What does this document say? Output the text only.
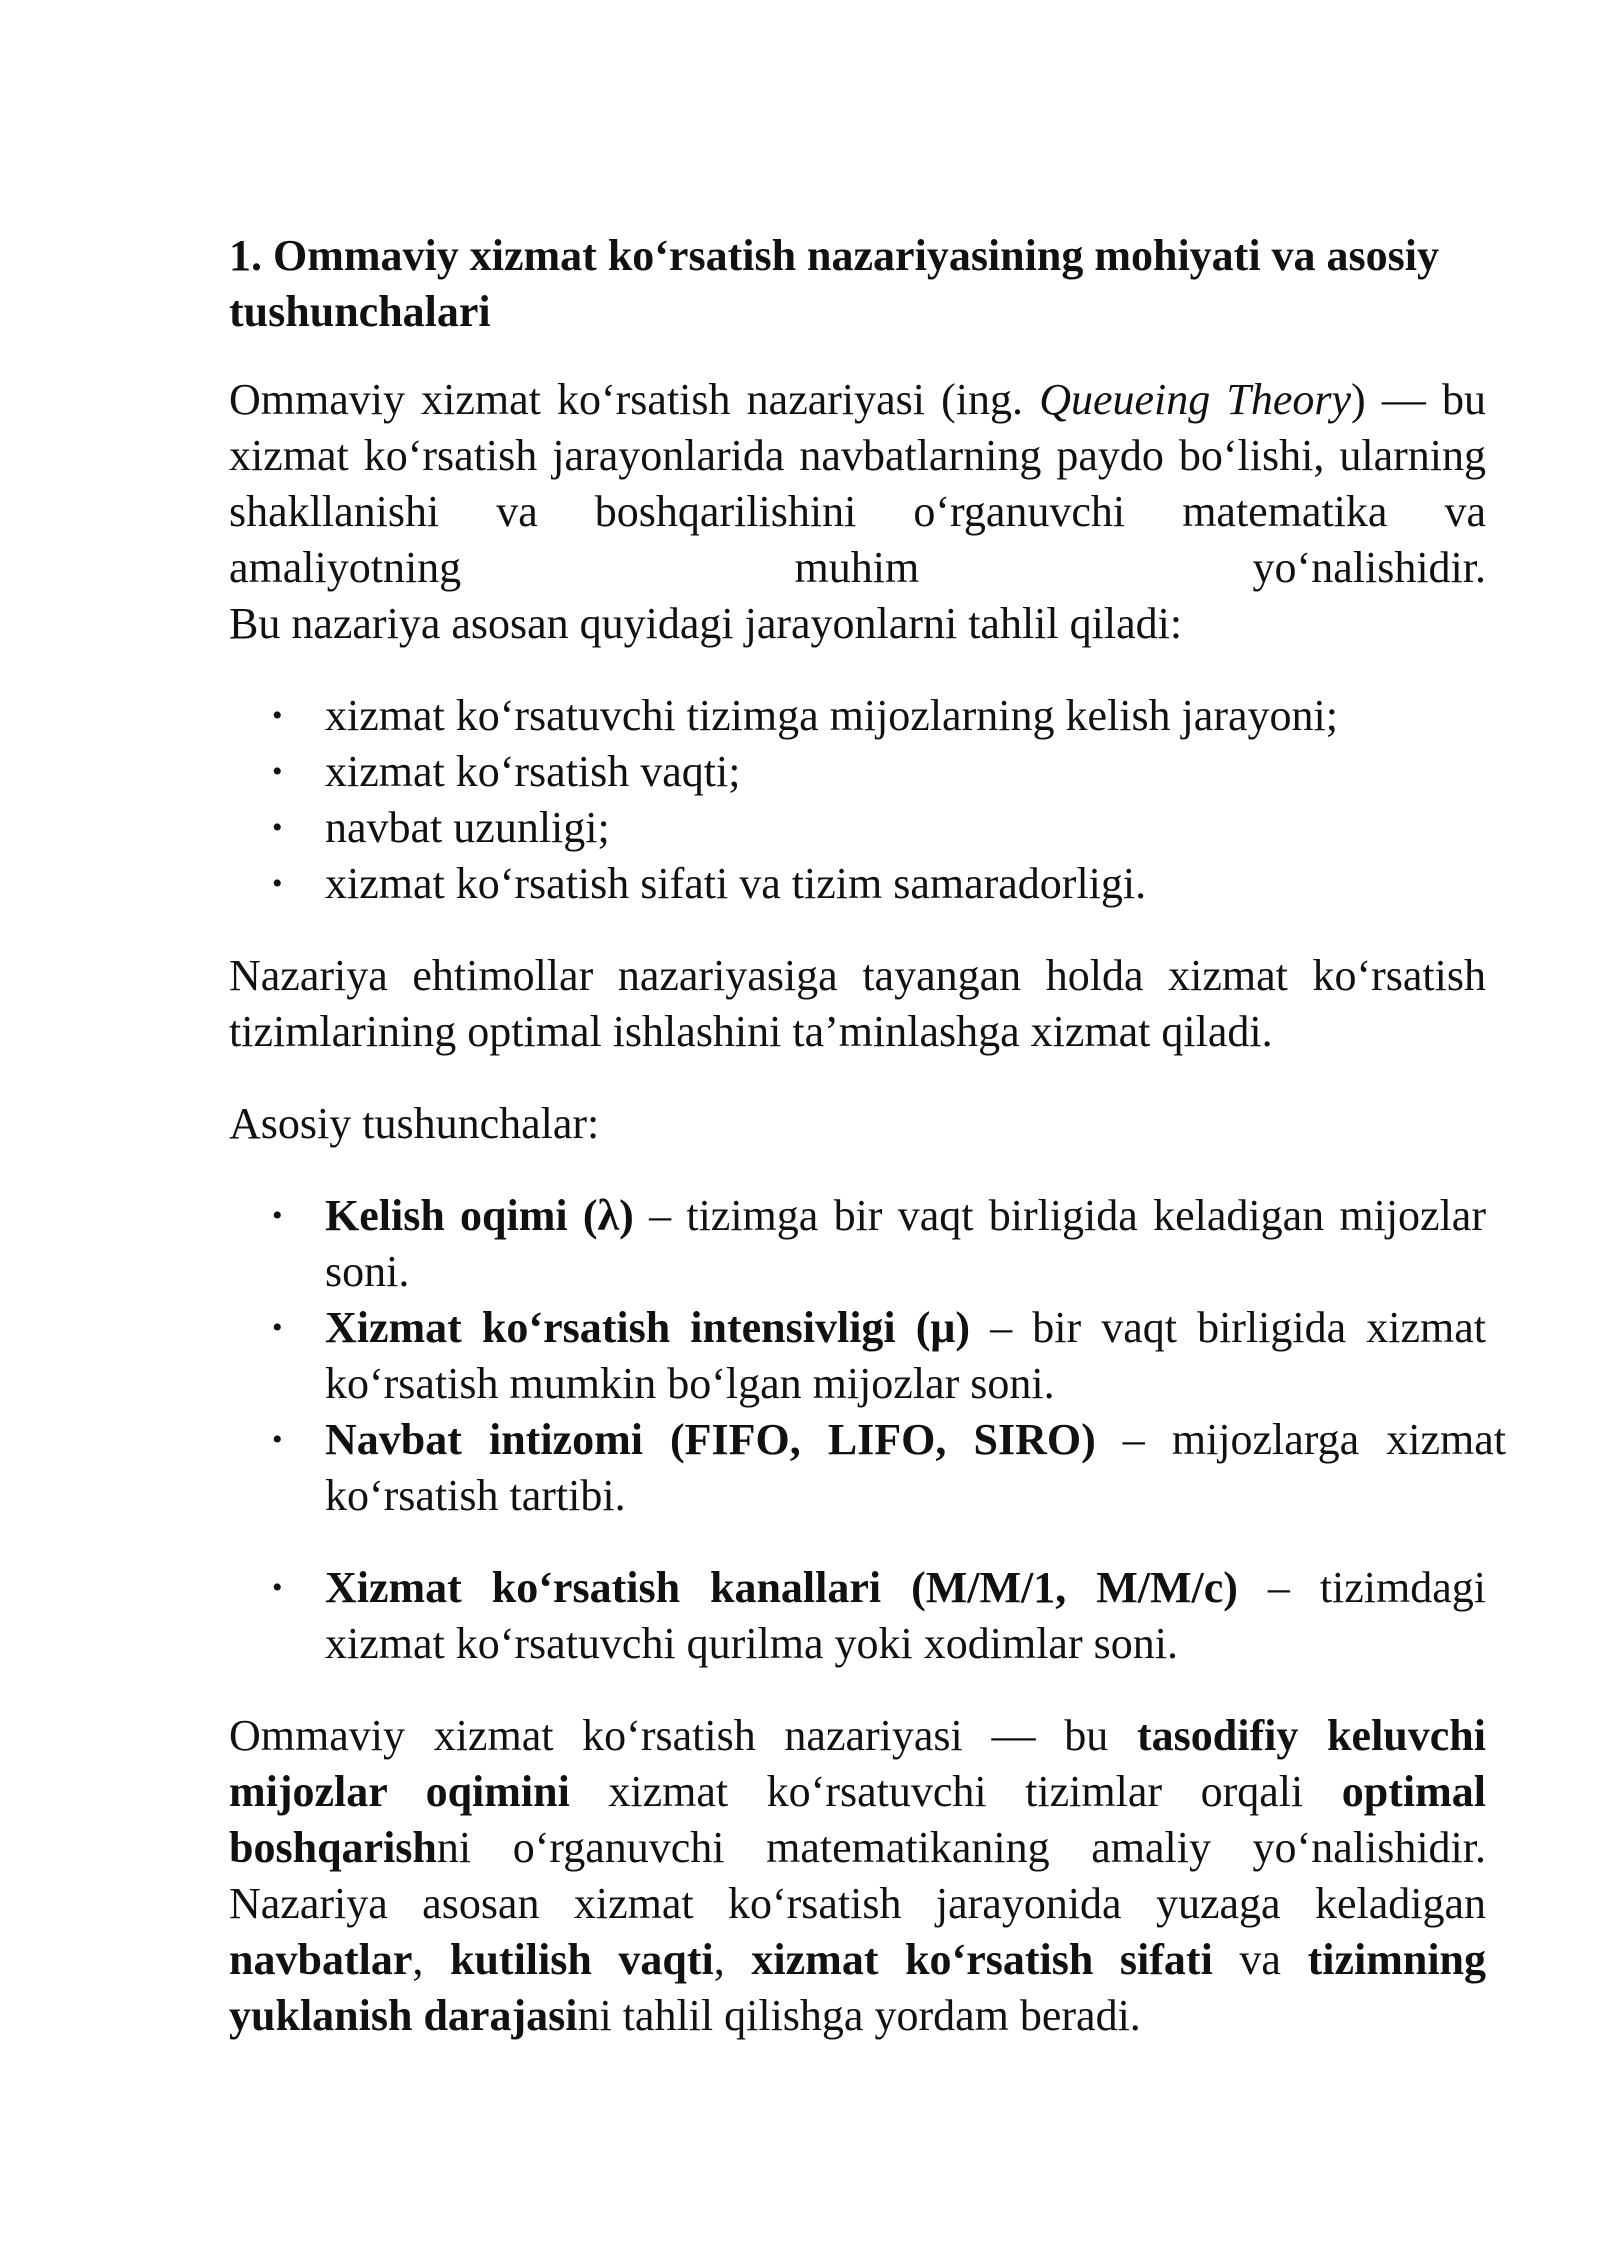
1. Ommaviy xizmat ko‘rsatish nazariyasining mohiyati va asosiy tushunchalari

Ommaviy xizmat ko‘rsatish nazariyasi (ing. Queueing Theory) — bu xizmat ko‘rsatish jarayonlarida navbatlarning paydo bo‘lishi, ularning shakllanishi va boshqarilishini o‘rganuvchi matematika va amaliyotning muhim yo‘nalishidir.
Bu nazariya asosan quyidagi jarayonlarni tahlil qiladi:

• xizmat ko‘rsatuvchi tizimga mijozlarning kelish jarayoni;
• xizmat ko‘rsatish vaqti;
• navbat uzunligi;
• xizmat ko‘rsatish sifati va tizim samaradorligi.

Nazariya ehtimollar nazariyasiga tayangan holda xizmat ko‘rsatish tizimlarining optimal ishlashini ta’minlashga xizmat qiladi.

Asosiy tushunchalar:

• Kelish oqimi (λ) – tizimga bir vaqt birligida keladigan mijozlar soni.
• Xizmat ko‘rsatish intensivligi (μ) – bir vaqt birligida xizmat ko‘rsatish mumkin bo‘lgan mijozlar soni.
• Navbat intizomi (FIFO, LIFO, SIRO) – mijozlarga xizmat ko‘rsatish tartibi.
• Xizmat ko‘rsatish kanallari (M/M/1, M/M/c) – tizimdagi xizmat ko‘rsatuvchi qurilma yoki xodimlar soni.

Ommaviy xizmat ko‘rsatish nazariyasi — bu tasodifiy keluvchi mijozlar oqimini xizmat ko‘rsatuvchi tizimlar orqali optimal boshqarishni o‘rganuvchi matematikaning amaliy yo‘nalishidir. Nazariya asosan xizmat ko‘rsatish jarayonida yuzaga keladigan navbatlar, kutilish vaqti, xizmat ko‘rsatish sifati va tizimning yuklanish darajasini tahlil qilishga yordam beradi.
